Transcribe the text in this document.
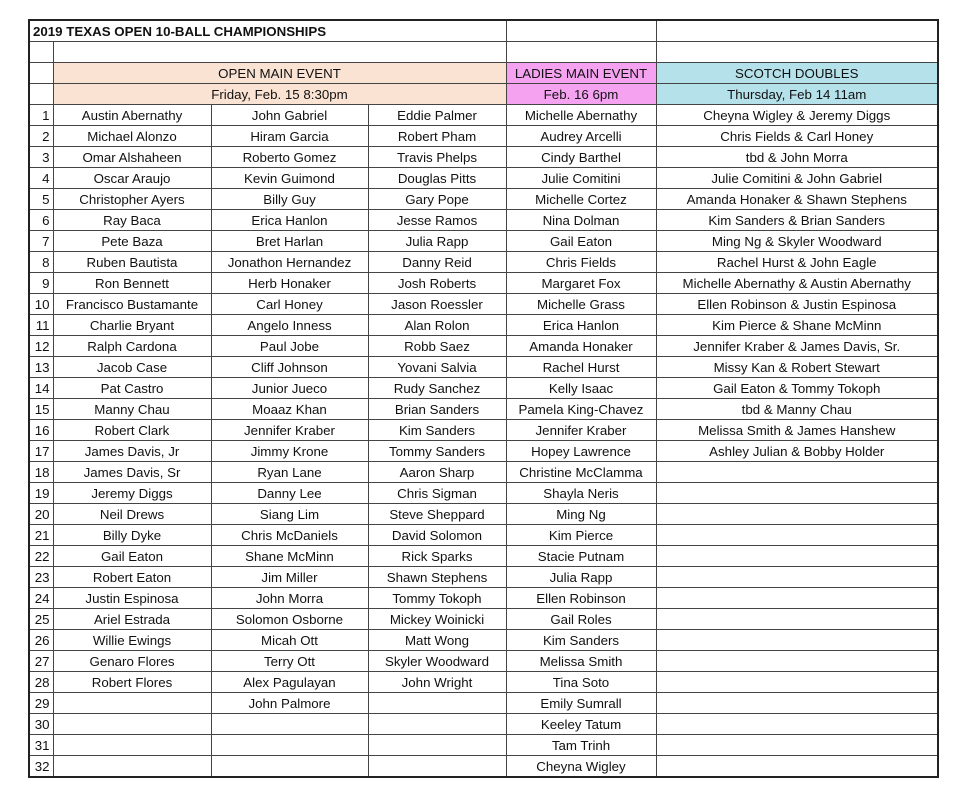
2019 TEXAS OPEN 10-BALL CHAMPIONSHIPS					

	OPEN MAIN EVENT			LADIES MAIN EVENT	SCOTCH DOUBLES
	Friday, Feb. 15 8:30pm			Feb. 16 6pm	Thursday, Feb 14 11am
1	Austin Abernathy	John Gabriel	Eddie Palmer	Michelle Abernathy	Cheyna Wigley & Jeremy Diggs
2	Michael Alonzo	Hiram Garcia	Robert Pham	Audrey Arcelli	Chris Fields & Carl Honey
3	Omar Alshaheen	Roberto Gomez	Travis Phelps	Cindy Barthel	tbd & John Morra
4	Oscar Araujo	Kevin Guimond	Douglas Pitts	Julie Comitini	Julie Comitini & John Gabriel
5	Christopher Ayers	Billy Guy	Gary Pope	Michelle Cortez	Amanda Honaker & Shawn Stephens
6	Ray Baca	Erica Hanlon	Jesse Ramos	Nina Dolman	Kim Sanders & Brian Sanders
7	Pete Baza	Bret Harlan	Julia Rapp	Gail Eaton	Ming Ng & Skyler Woodward
8	Ruben Bautista	Jonathon Hernandez	Danny Reid	Chris Fields	Rachel Hurst & John Eagle
9	Ron Bennett	Herb Honaker	Josh Roberts	Margaret Fox	Michelle Abernathy & Austin Abernathy
10	Francisco Bustamante	Carl Honey	Jason Roessler	Michelle Grass	Ellen Robinson & Justin Espinosa
11	Charlie Bryant	Angelo Inness	Alan Rolon	Erica Hanlon	Kim Pierce & Shane McMinn
12	Ralph Cardona	Paul Jobe	Robb Saez	Amanda Honaker	Jennifer Kraber & James Davis, Sr.
13	Jacob Case	Cliff Johnson	Yovani Salvia	Rachel Hurst	Missy Kan & Robert Stewart
14	Pat Castro	Junior Jueco	Rudy Sanchez	Kelly Isaac	Gail Eaton & Tommy Tokoph
15	Manny Chau	Moaaz Khan	Brian Sanders	Pamela King-Chavez	tbd & Manny Chau
16	Robert Clark	Jennifer Kraber	Kim Sanders	Jennifer Kraber	Melissa Smith & James Hanshew
17	James Davis, Jr	Jimmy Krone	Tommy Sanders	Hopey Lawrence	Ashley Julian & Bobby Holder
18	James Davis, Sr	Ryan Lane	Aaron Sharp	Christine McClamma	
19	Jeremy Diggs	Danny Lee	Chris Sigman	Shayla Neris	
20	Neil Drews	Siang Lim	Steve Sheppard	Ming Ng	
21	Billy Dyke	Chris McDaniels	David Solomon	Kim Pierce	
22	Gail Eaton	Shane McMinn	Rick Sparks	Stacie Putnam	
23	Robert Eaton	Jim Miller	Shawn Stephens	Julia Rapp	
24	Justin Espinosa	John Morra	Tommy Tokoph	Ellen Robinson	
25	Ariel Estrada	Solomon Osborne	Mickey Woinicki	Gail Roles	
26	Willie Ewings	Micah Ott	Matt Wong	Kim Sanders	
27	Genaro Flores	Terry Ott	Skyler Woodward	Melissa Smith	
28	Robert Flores	Alex Pagulayan	John Wright	Tina Soto	
29		John Palmore		Emily Sumrall	
30				Keeley Tatum	
31				Tam Trinh	
32				Cheyna Wigley	
